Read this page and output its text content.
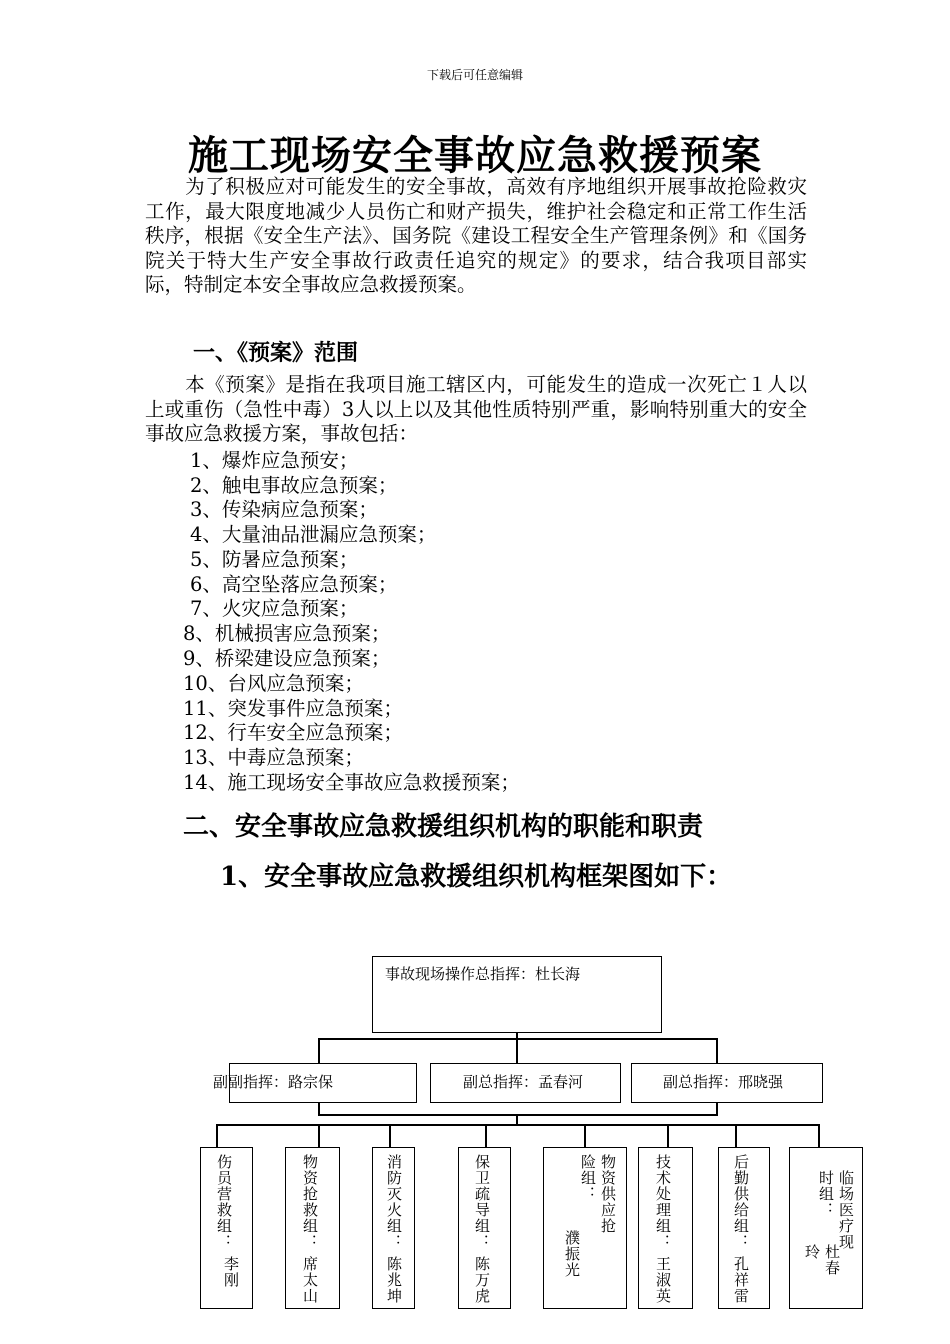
下载后可任意编辑
施工现场安全事故应急救援预案
　　为了积极应对可能发生的安全事故，高效有序地组织开展事故抢险救灾工作，最大限度地减少人员伤亡和财产损失，维护社会稳定和正常工作生活秩序，根据《安全生产法》、国务院《建设工程安全生产管理条例》和《国务院关于特大生产安全事故行政责任追究的规定》的要求，结合我项目部实际，特制定本安全事故应急救援预案。
一、《预案》范围
　　本《预案》是指在我项目施工辖区内，可能发生的造成一次死亡１人以上或重伤（急性中毒）3人以上以及其他性质特别严重，影响特别重大的安全事故应急救援方案，事故包括：
1、爆炸应急预安；
2、触电事故应急预案；
3、传染病应急预案；
4、大量油品泄漏应急预案；
5、防暑应急预案；
6、高空坠落应急预案；
7、火灾应急预案；
8、机械损害应急预案；
9、桥梁建设应急预案；
10、台风应急预案；
11、突发事件应急预案；
12、行车安全应急预案；
13、中毒应急预案；
14、施工现场安全事故应急救援预案；
二、安全事故应急救援组织机构的职能和职责
1、安全事故应急救援组织机构框架图如下：
事故现场操作总指挥：杜长海
副副指挥：路宗保	副总指挥：孟春河	副总指挥：邢晓强
伤员营救组：
李刚
物资抢救组：
席太山
消防灭火组：
陈兆坤
保卫疏导组：
陈万虎
物资供应抢险组：
濮振光
技术处理组：
王淑英
后勤供给组：
孔祥雷
临场医疗现时组：
杜春玲
